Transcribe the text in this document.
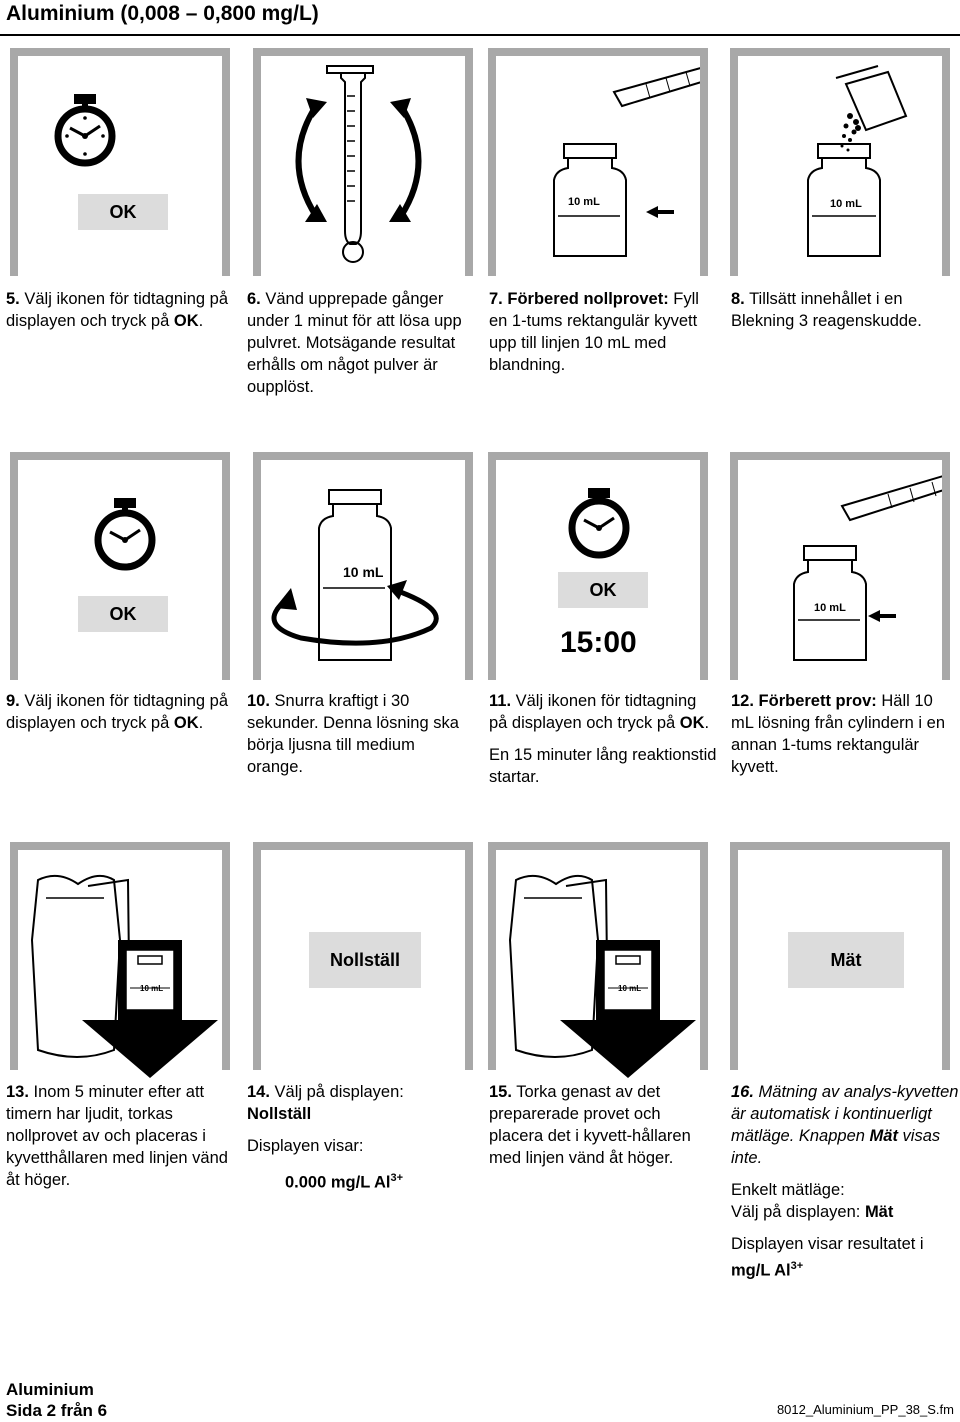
Aluminium (0,008 – 0,800 mg/L)
OK	10 mL	10 mL

5. Välj ikonen för tidtagning på displayen och tryck på OK.

6. Vänd upprepade gånger under 1 minut för att lösa upp pulvret. Motsägande resultat erhålls om något pulver är oupplöst.

7. Förbered nollprovet: Fyll en 1-tums rektangulär kyvett upp till linjen 10 mL med blandning.

8. Tillsätt innehållet i en Blekning 3 reagenskudde.

OK
10 mL
OK
15:00
10 mL

9. Välj ikonen för tidtagning på displayen och tryck på OK.

10. Snurra kraftigt i 30 sekunder. Denna lösning ska börja ljusna till medium orange.

11. Välj ikonen för tidtagning på displayen och tryck på OK.

En 15 minuter lång reaktionstid startar.

12. Förberett prov: Häll 10 mL lösning från cylindern i en annan 1-tums rektangulär kyvett.

10 mL
Nollställ
10 mL
Mät

13. Inom 5 minuter efter att timern har ljudit, torkas nollprovet av och placeras i kyvetthållaren med linjen vänd åt höger.

14. Välj på displayen:
Nollställ

Displayen visar:

0.000 mg/L $Al^{3+}$

15. Torka genast av det preparerade provet och placera det i kyvett-hållaren med linjen vänd åt höger.

16. Mätning av analys-kyvetten är automatisk i kontinuerligt mätläge. Knappen Mät visas inte.

Enkelt mätläge:
Välj på displayen: Mät

Displayen visar resultatet i
mg/L $Al^{3+}$

Aluminium
Sida 2 från 6	8012_Aluminium_PP_38_S.fm
